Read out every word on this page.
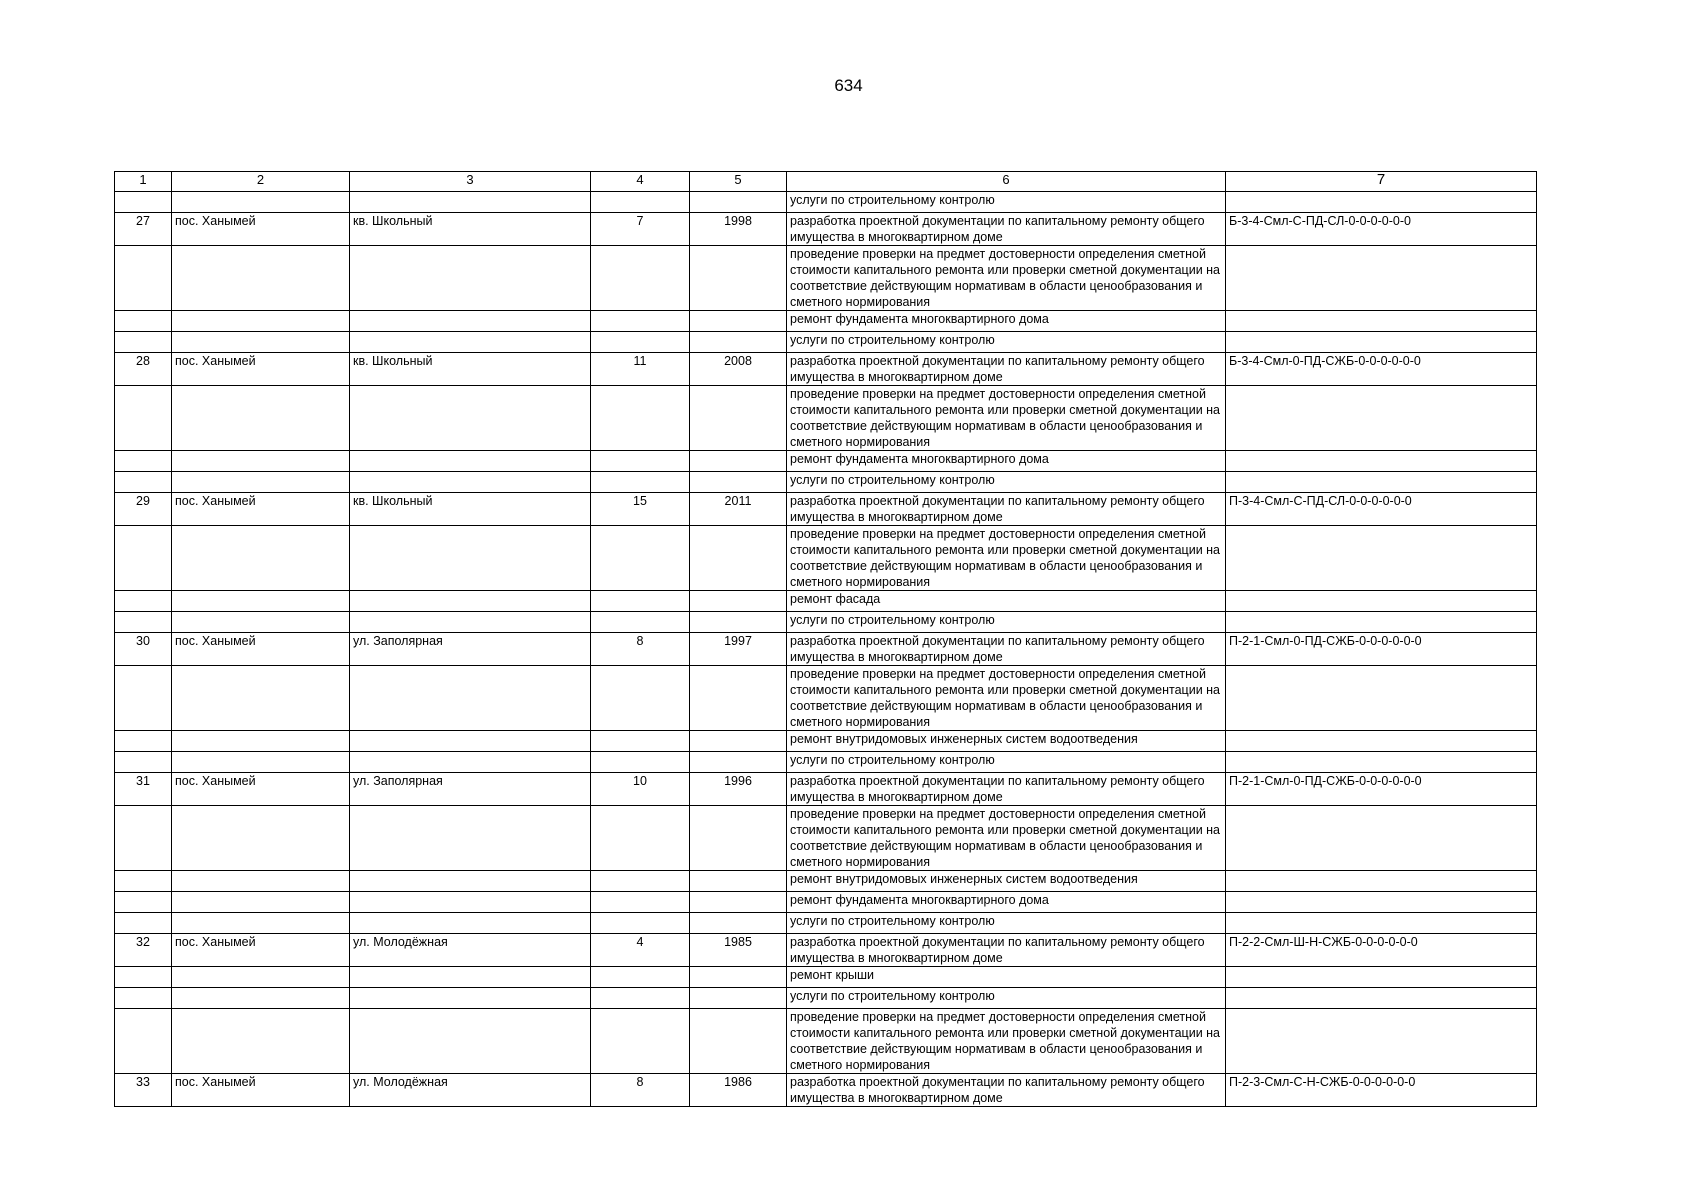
634
1	2	3	4	5	6	7
					услуги по строительному контролю	
27	пос. Ханымей	кв. Школьный	7	1998	разработка проектной документации по капитальному ремонту общего имущества в многоквартирном доме	Б-3-4-Смл-С-ПД-СЛ-0-0-0-0-0-0
					проведение проверки на предмет достоверности определения сметной стоимости капитального ремонта или проверки сметной документации на соответствие действующим нормативам в области ценообразования и сметного нормирования	
					ремонт фундамента многоквартирного дома	
					услуги по строительному контролю	
28	пос. Ханымей	кв. Школьный	11	2008	разработка проектной документации по капитальному ремонту общего имущества в многоквартирном доме	Б-3-4-Смл-0-ПД-СЖБ-0-0-0-0-0-0
					проведение проверки на предмет достоверности определения сметной стоимости капитального ремонта или проверки сметной документации на соответствие действующим нормативам в области ценообразования и сметного нормирования	
					ремонт фундамента многоквартирного дома	
					услуги по строительному контролю	
29	пос. Ханымей	кв. Школьный	15	2011	разработка проектной документации по капитальному ремонту общего имущества в многоквартирном доме	П-3-4-Смл-С-ПД-СЛ-0-0-0-0-0-0
					проведение проверки на предмет достоверности определения сметной стоимости капитального ремонта или проверки сметной документации на соответствие действующим нормативам в области ценообразования и сметного нормирования	
					ремонт фасада	
					услуги по строительному контролю	
30	пос. Ханымей	ул. Заполярная	8	1997	разработка проектной документации по капитальному ремонту общего имущества в многоквартирном доме	П-2-1-Смл-0-ПД-СЖБ-0-0-0-0-0-0
					проведение проверки на предмет достоверности определения сметной стоимости капитального ремонта или проверки сметной документации на соответствие действующим нормативам в области ценообразования и сметного нормирования	
					ремонт внутридомовых инженерных систем водоотведения	
					услуги по строительному контролю	
31	пос. Ханымей	ул. Заполярная	10	1996	разработка проектной документации по капитальному ремонту общего имущества в многоквартирном доме	П-2-1-Смл-0-ПД-СЖБ-0-0-0-0-0-0
					проведение проверки на предмет достоверности определения сметной стоимости капитального ремонта или проверки сметной документации на соответствие действующим нормативам в области ценообразования и сметного нормирования	
					ремонт внутридомовых инженерных систем водоотведения	
					ремонт фундамента многоквартирного дома	
					услуги по строительному контролю	
32	пос. Ханымей	ул. Молодёжная	4	1985	разработка проектной документации по капитальному ремонту общего имущества в многоквартирном доме	П-2-2-Смл-Ш-Н-СЖБ-0-0-0-0-0-0
					ремонт крыши	
					услуги по строительному контролю	
					проведение проверки на предмет достоверности определения сметной стоимости капитального ремонта или проверки сметной документации на соответствие действующим нормативам в области ценообразования и сметного нормирования	
33	пос. Ханымей	ул. Молодёжная	8	1986	разработка проектной документации по капитальному ремонту общего имущества в многоквартирном доме	П-2-3-Смл-С-Н-СЖБ-0-0-0-0-0-0
